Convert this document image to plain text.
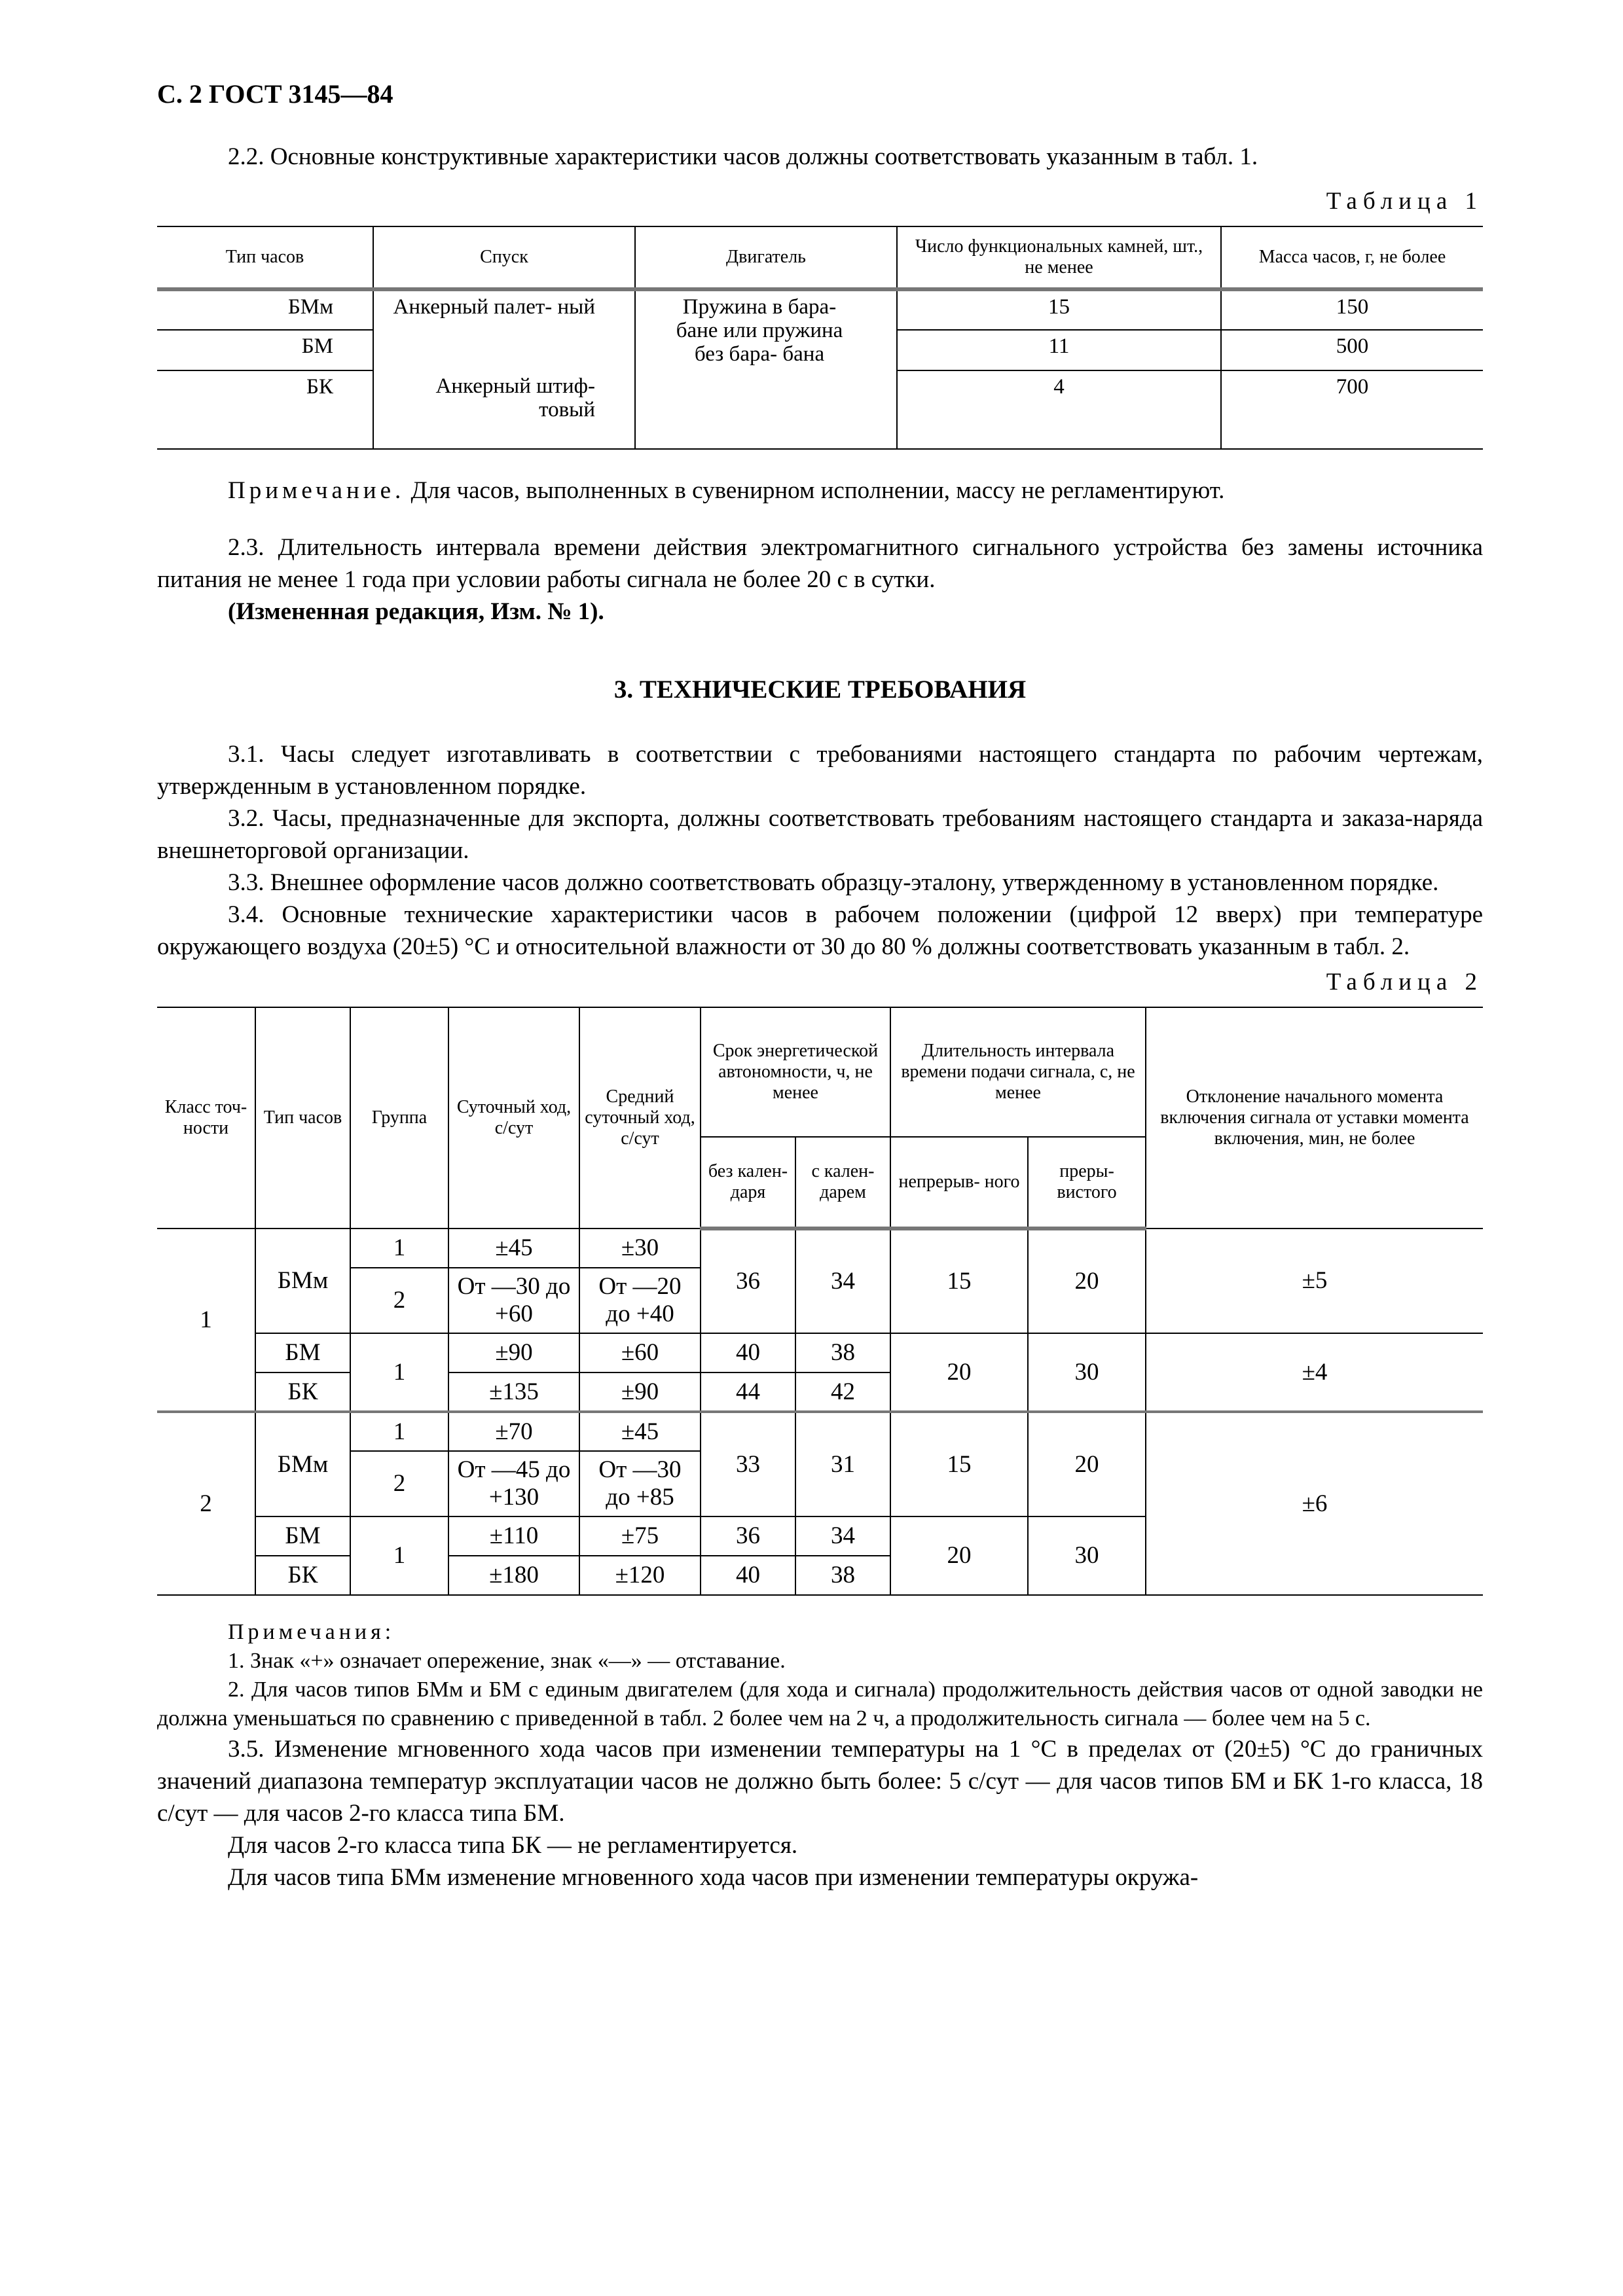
С. 2 ГОСТ 3145—84

2.2. Основные конструктивные характеристики часов должны соответствовать указанным в табл. 1.

Таблица 1
Тип часов	Спуск	Двигатель	Число функциональных камней, шт., не менее	Масса часов, г, не более
БМм	Анкерный палет- ный	Пружина в бара- бане или пружина без бара- бана	15	150
БМ			11	500
БК	Анкерный штиф- товый		4	700

Примечание. Для часов, выполненных в сувенирном исполнении, массу не регламентируют.

2.3. Длительность интервала времени действия электромагнитного сигнального устройства без замены источника питания не менее 1 года при условии работы сигнала не более 20 с в сутки.

(Измененная редакция, Изм. № 1).

3. ТЕХНИЧЕСКИЕ ТРЕБОВАНИЯ

3.1. Часы следует изготавливать в соответствии с требованиями настоящего стандарта по рабочим чертежам, утвержденным в установленном порядке.

3.2. Часы, предназначенные для экспорта, должны соответствовать требованиям настоящего стандарта и заказа-наряда внешнеторговой организации.

3.3. Внешнее оформление часов должно соответствовать образцу-эталону, утвержденному в установленном порядке.

3.4. Основные технические характеристики часов в рабочем положении (цифрой 12 вверх) при температуре окружающего воздуха (20±5) °С и относительной влажности от 30 до 80 % должны соответствовать указанным в табл. 2.

Таблица 2
Класс точ- ности	Тип часов	Группа	Суточный ход, с/сут	Средний суточный ход, с/сут	Срок энергетической автономности, ч, не менее		Длительность интервала времени подачи сигнала, с, не менее		Отклонение начального момента включения сигнала от уставки момента включения, мин, не более
					без кален- даря	с кален- дарем	непрерыв- ного	преры- вистого	
1	БМм	1	±45	±30	36	34	15	20	±5
		2	От —30 до +60	От —20 до +40					
	БМ	1	±90	±60	40	38	20	30	±4
	БК		±135	±90	44	42			

2	БМм	1	±70	±45	33	31	15	20	±6
		2	От —45 до +130	От —30 до +85					
	БМ	1	±110	±75	36	34	20	30	
	БК		±180	±120	40	38			

Примечания:

1. Знак «+» означает опережение, знак «—» — отставание.

2. Для часов типов БМм и БМ с единым двигателем (для хода и сигнала) продолжительность действия часов от одной заводки не должна уменьшаться по сравнению с приведенной в табл. 2 более чем на 2 ч, а продолжительность сигнала — более чем на 5 с.

3.5. Изменение мгновенного хода часов при изменении температуры на 1 °С в пределах от (20±5) °С до граничных значений диапазона температур эксплуатации часов не должно быть более: 5 с/сут — для часов типов БМ и БК 1-го класса, 18 с/сут — для часов 2-го класса типа БМ.

Для часов 2-го класса типа БК — не регламентируется.

Для часов типа БМм изменение мгновенного хода часов при изменении температуры окружа-
